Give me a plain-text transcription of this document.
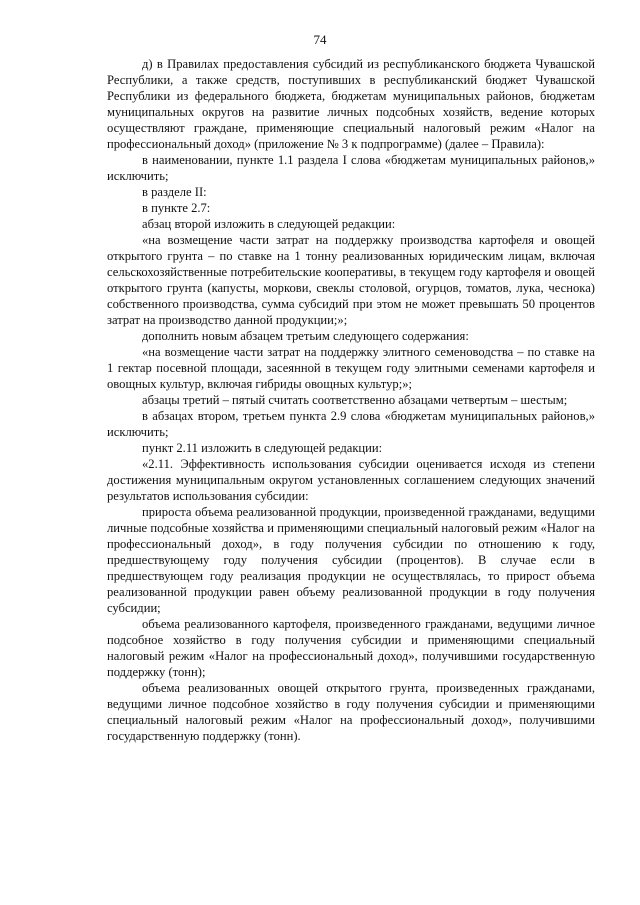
74

д) в Правилах предоставления субсидий из республиканского бюджета Чувашской Республики, а также средств, поступивших в республиканский бюджет Чувашской Республики из федерального бюджета, бюджетам муниципальных районов, бюджетам муниципальных округов на развитие личных подсобных хозяйств, ведение которых осуществляют граждане, применяющие специальный налоговый режим «Налог на профессиональный доход» (приложение № 3 к подпрограмме) (далее – Правила):

в наименовании, пункте 1.1 раздела I слова «бюджетам муниципальных районов,» исключить;

в разделе II:

в пункте 2.7:

абзац второй изложить в следующей редакции:

«на возмещение части затрат на поддержку производства картофеля и овощей открытого грунта – по ставке на 1 тонну реализованных юридическим лицам, включая сельскохозяйственные потребительские кооперативы, в текущем году картофеля и овощей открытого грунта (капусты, моркови, свеклы столовой, огурцов, томатов, лука, чеснока) собственного производства, сумма субсидий при этом не может превышать 50 процентов затрат на производство данной продукции;»;

дополнить новым абзацем третьим следующего содержания:

«на возмещение части затрат на поддержку элитного семеноводства – по ставке на 1 гектар посевной площади, засеянной в текущем году элитными семенами картофеля и овощных культур, включая гибриды овощных культур;»;

абзацы третий – пятый считать соответственно абзацами четвертым – шестым;

в абзацах втором, третьем пункта 2.9 слова «бюджетам муниципальных районов,» исключить;

пункт 2.11 изложить в следующей редакции:

«2.11. Эффективность использования субсидии оценивается исходя из степени достижения муниципальным округом установленных соглашением следующих значений результатов использования субсидии:

прироста объема реализованной продукции, произведенной гражданами, ведущими личные подсобные хозяйства и применяющими специальный налоговый режим «Налог на профессиональный доход», в году получения субсидии по отношению к году, предшествующему году получения субсидии (процентов). В случае если в предшествующем году реализация продукции не осуществлялась, то прирост объема реализованной продукции равен объему реализованной продукции в году получения субсидии;

объема реализованного картофеля, произведенного гражданами, ведущими личное подсобное хозяйство в году получения субсидии и применяющими специальный налоговый режим «Налог на профессиональный доход», получившими государственную поддержку (тонн);

объема реализованных овощей открытого грунта, произведенных гражданами, ведущими личное подсобное хозяйство в году получения субсидии и применяющими специальный налоговый режим «Налог на профессиональный доход», получившими государственную поддержку (тонн).
